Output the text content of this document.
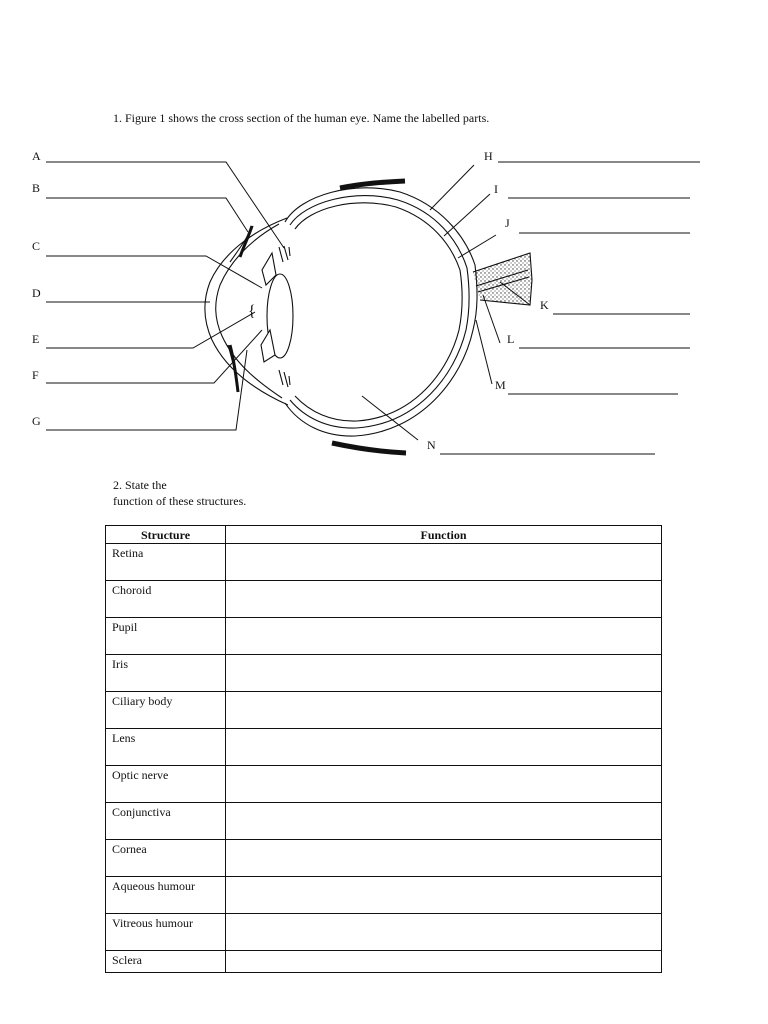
1. Figure 1 shows the cross section of the human eye. Name the labelled parts.
{
A
B
C
D
E
F
G
H
I
J
K
L
M
N
2. State the
function of these structures.
Structure	Function
Retina	
Choroid	
Pupil	
Iris	
Ciliary body	
Lens	
Optic nerve	
Conjunctiva	
Cornea	
Aqueous humour	
Vitreous humour	
Sclera	
